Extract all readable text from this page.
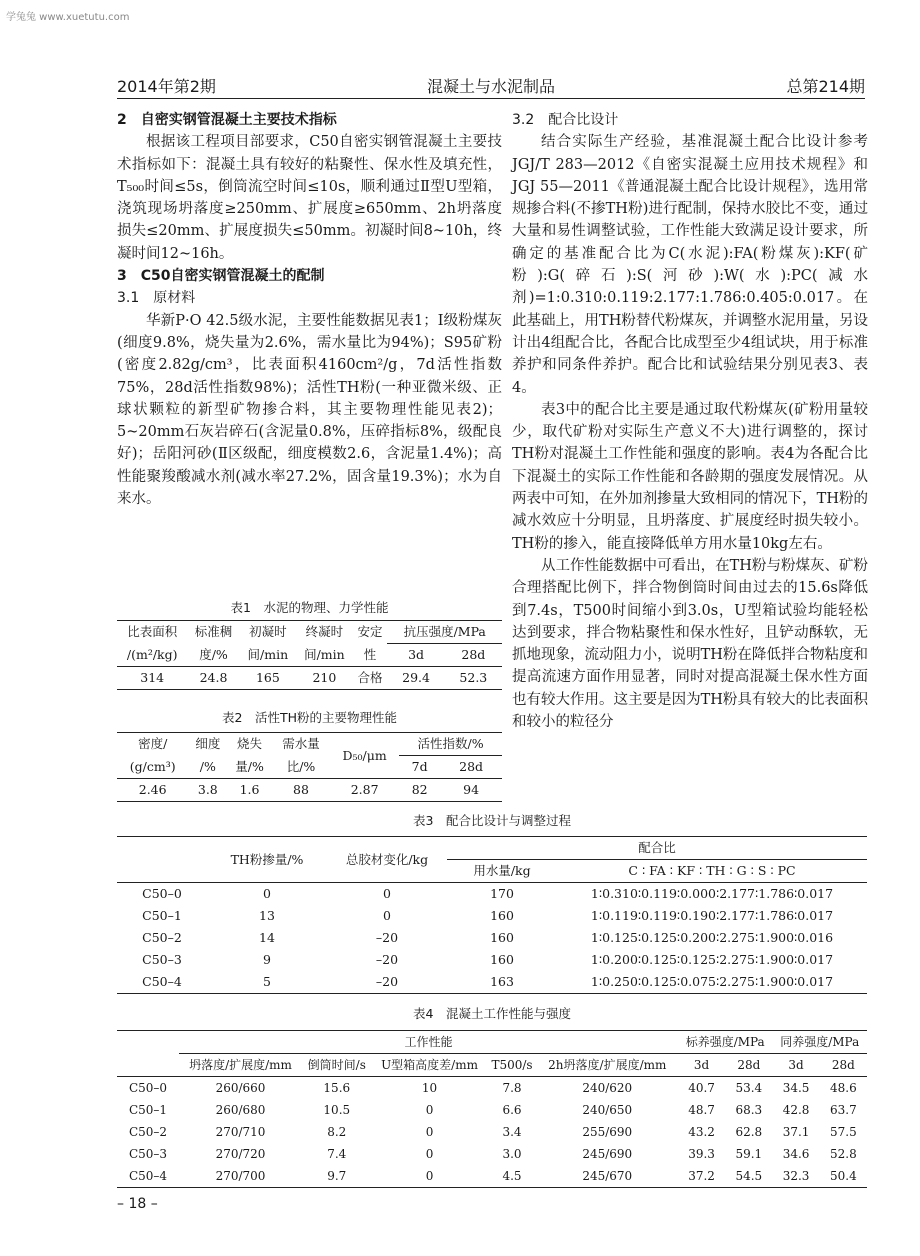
学兔兔 www.xuetutu.com
2014年第2期	混凝土与水泥制品	总第214期
2　自密实钢管混凝土主要技术指标

根据该工程项目部要求，C50自密实钢管混凝土主要技术指标如下：混凝土具有较好的粘聚性、保水性及填充性，T₅₀₀时间≤5s，倒筒流空时间≤10s，顺利通过Ⅱ型U型箱，浇筑现场坍落度≥250mm、扩展度≥650mm、2h坍落度损失≤20mm、扩展度损失≤50mm。初凝时间8~10h，终凝时间12~16h。

3　C50自密实钢管混凝土的配制
3.1　原材料

华新P·O 42.5级水泥，主要性能数据见表1；Ⅰ级粉煤灰(细度9.8%，烧失量为2.6%，需水量比为94%)；S95矿粉(密度2.82g/cm³，比表面积4160cm²/g，7d活性指数75%，28d活性指数98%)；活性TH粉(一种亚微米级、正球状颗粒的新型矿物掺合料，其主要物理性能见表2)；5~20mm石灰岩碎石(含泥量0.8%，压碎指标8%，级配良好)；岳阳河砂(Ⅱ区级配，细度模数2.6，含泥量1.4%)；高性能聚羧酸减水剂(减水率27.2%，固含量19.3%)；水为自来水。

3.2　配合比设计

结合实际生产经验，基准混凝土配合比设计参考JGJ/T 283—2012《自密实混凝土应用技术规程》和JGJ 55—2011《普通混凝土配合比设计规程》，选用常规掺合料(不掺TH粉)进行配制，保持水胶比不变，通过大量和易性调整试验，工作性能大致满足设计要求，所确定的基准配合比为C(水泥):FA(粉煤灰):KF(矿粉):G(碎石):S(河砂):W(水):PC(减水剂)=1:0.310:0.119:2.177:1.786:0.405:0.017。在此基础上，用TH粉替代粉煤灰，并调整水泥用量，另设计出4组配合比，各配合比成型至少4组试块，用于标准养护和同条件养护。配合比和试验结果分别见表3、表4。

表3中的配合比主要是通过取代粉煤灰(矿粉用量较少，取代矿粉对实际生产意义不大)进行调整的，探讨TH粉对混凝土工作性能和强度的影响。表4为各配合比下混凝土的实际工作性能和各龄期的强度发展情况。从两表中可知，在外加剂掺量大致相同的情况下，TH粉的减水效应十分明显，且坍落度、扩展度经时损失较小。TH粉的掺入，能直接降低单方用水量10kg左右。

从工作性能数据中可看出，在TH粉与粉煤灰、矿粉合理搭配比例下，拌合物倒筒时间由过去的15.6s降低到7.4s，T500时间缩小到3.0s，U型箱试验均能轻松达到要求，拌合物粘聚性和保水性好，且铲动酥软，无抓地现象，流动阻力小，说明TH粉在降低拌合物粘度和提高流速方面作用显著，同时对提高混凝土保水性方面也有较大作用。这主要是因为TH粉具有较大的比表面积和较小的粒径分

表1　水泥的物理、力学性能
比表面积	标准稠	初凝时	终凝时	安定	抗压强度/MPa	
/(m²/kg)	度/%	间/min	间/min	性	3d	28d
314	24.8	165	210	合格	29.4	52.3
表2　活性TH粉的主要物理性能
密度/	细度	烧失	需水量	D₅₀/μm	活性指数/%	
(g/cm³)	/%	量/%	比/%		7d	28d
2.46	3.8	1.6	88	2.87	82	94
表3　配合比设计与调整过程
	TH粉掺量/%	总胶材变化/kg	配合比	
			用水量/kg	C ∶ FA ∶ KF ∶ TH ∶ G ∶ S ∶ PC
C50–0	0	0	170	1∶0.310∶0.119∶0.000∶2.177∶1.786∶0.017
C50–1	13	0	160	1∶0.119∶0.119∶0.190∶2.177∶1.786∶0.017
C50–2	14	–20	160	1∶0.125∶0.125∶0.200∶2.275∶1.900∶0.016
C50–3	9	–20	160	1∶0.200∶0.125∶0.125∶2.275∶1.900∶0.017
C50–4	5	–20	163	1∶0.250∶0.125∶0.075∶2.275∶1.900∶0.017
表4　混凝土工作性能与强度
	工作性能					标养强度/MPa		同养强度/MPa	
	坍落度/扩展度/mm	倒筒时间/s	U型箱高度差/mm	T500/s	2h坍落度/扩展度/mm	3d	28d	3d	28d
C50–0	260/660	15.6	10	7.8	240/620	40.7	53.4	34.5	48.6
C50–1	260/680	10.5	0	6.6	240/650	48.7	68.3	42.8	63.7
C50–2	270/710	8.2	0	3.4	255/690	43.2	62.8	37.1	57.5
C50–3	270/720	7.4	0	3.0	245/690	39.3	59.1	34.6	52.8
C50–4	270/700	9.7	0	4.5	245/670	37.2	54.5	32.3	50.4
– 18 –
